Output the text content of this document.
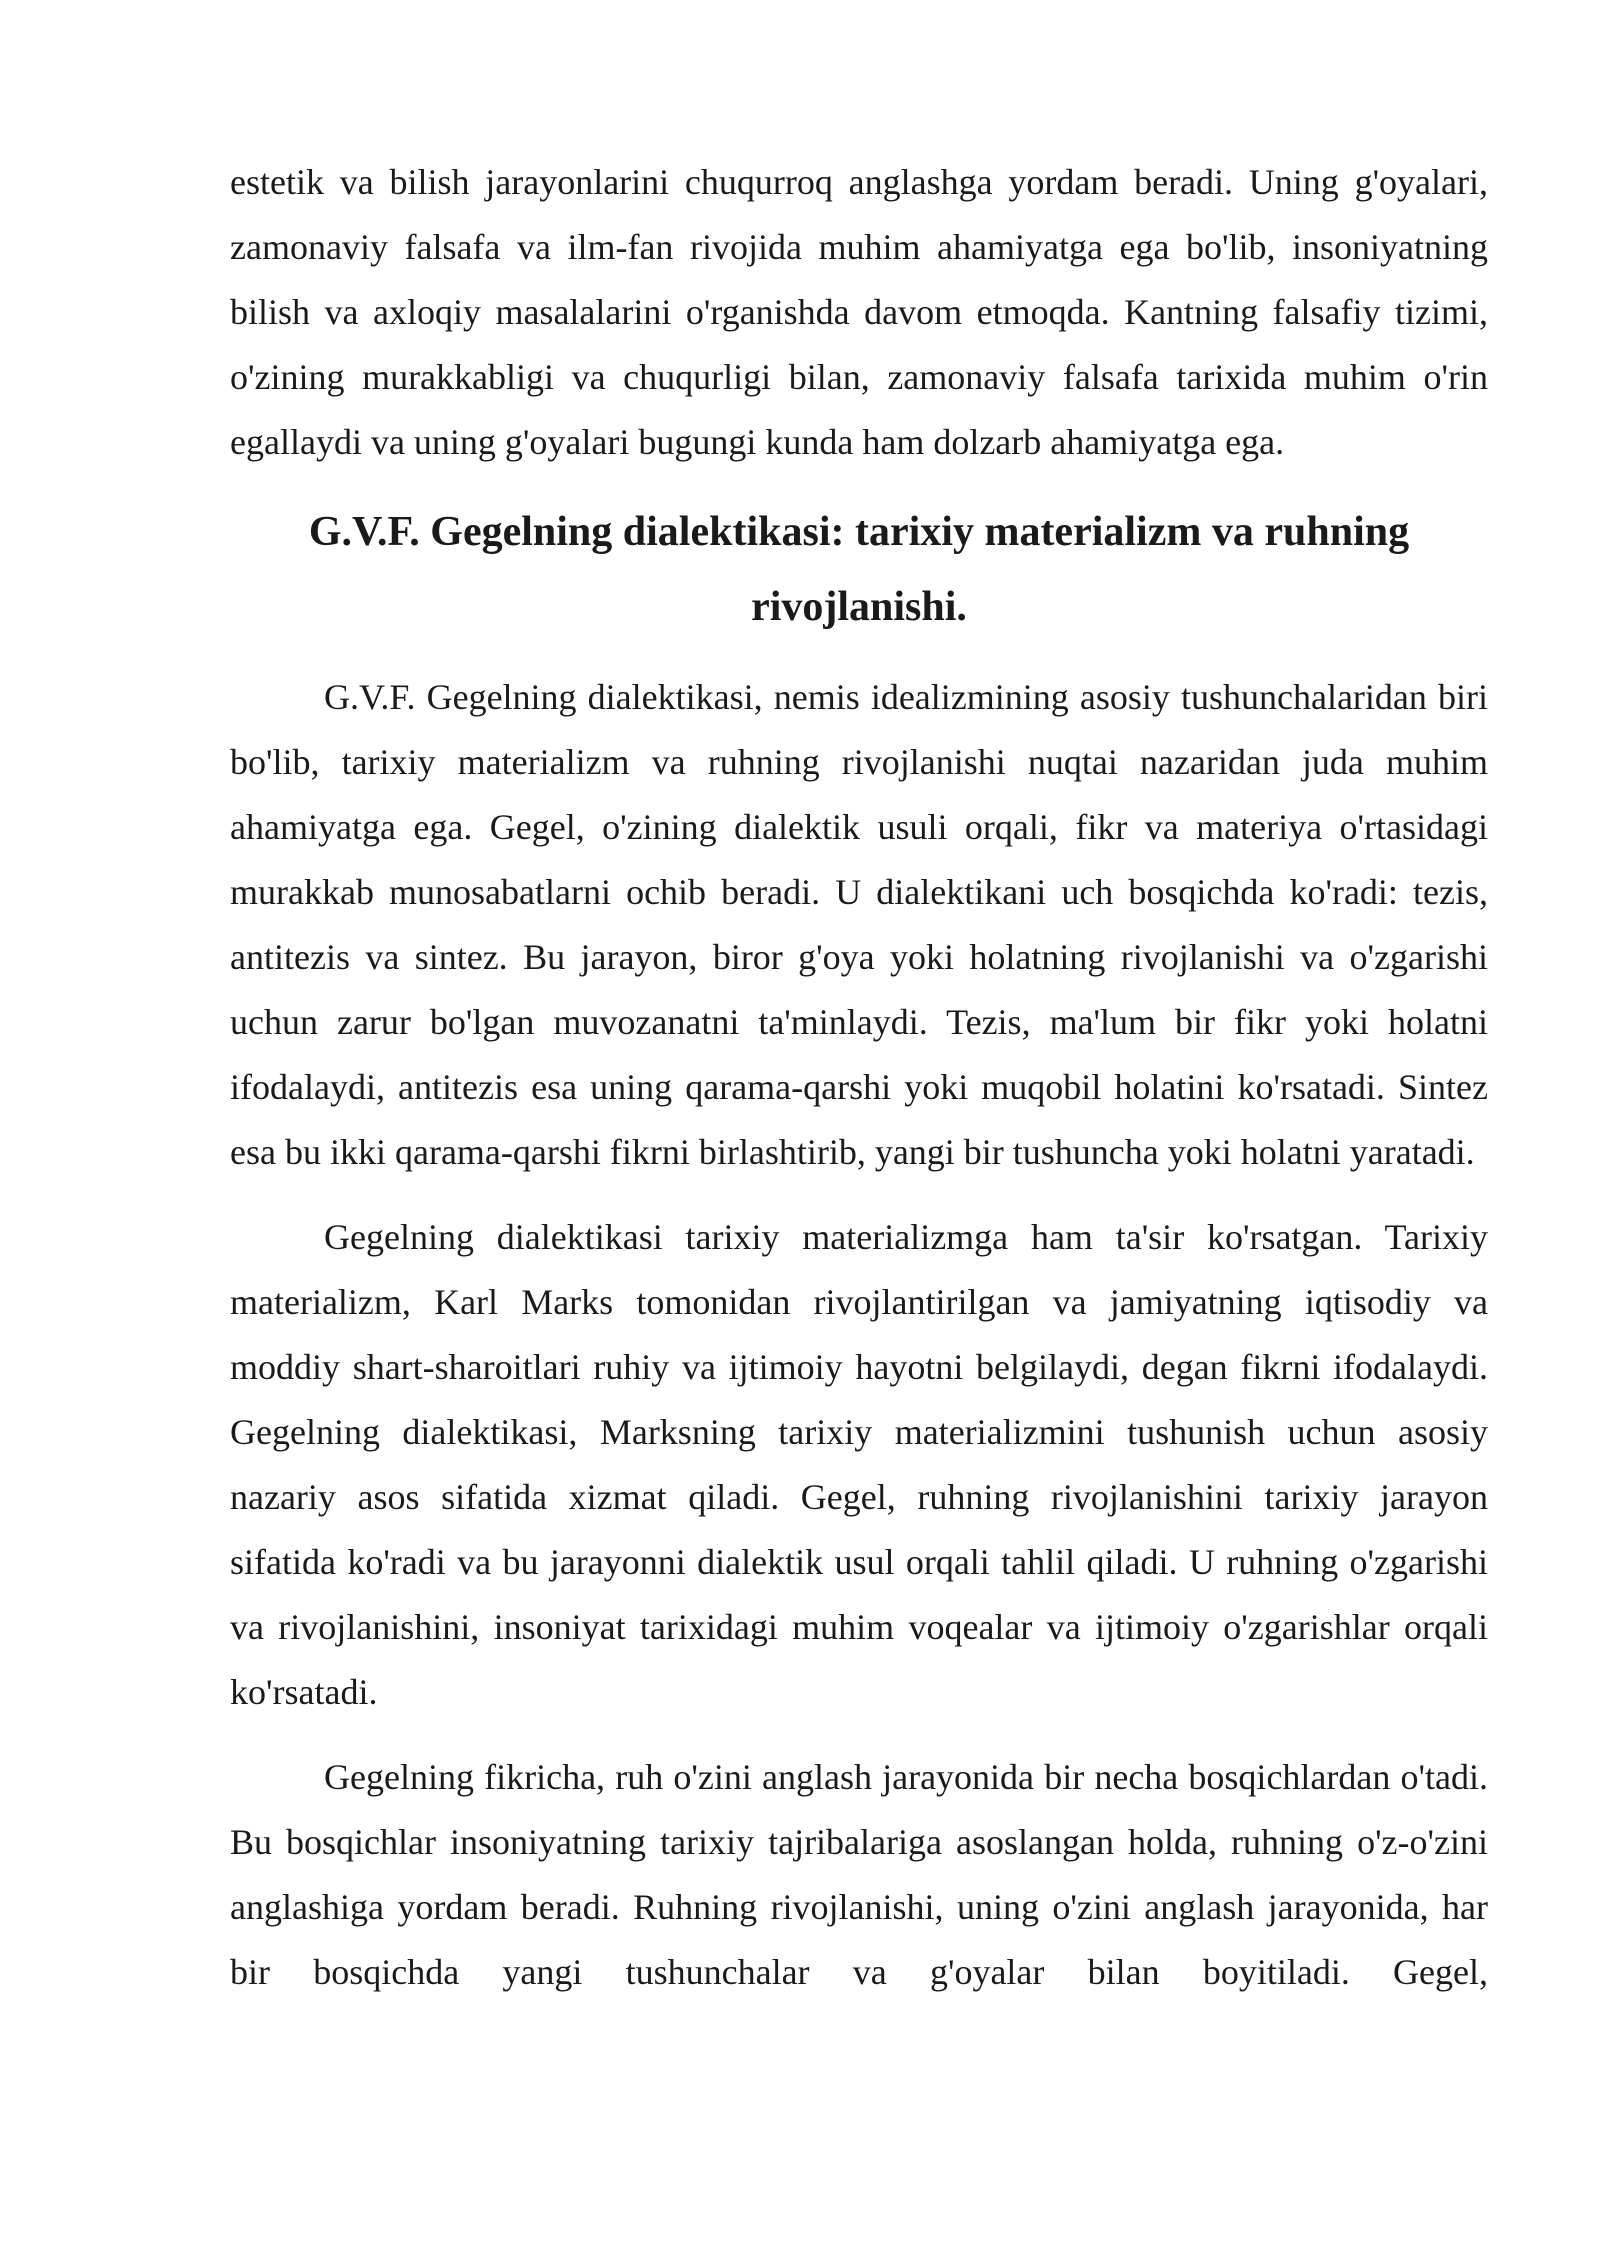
estetik va bilish jarayonlarini chuqurroq anglashga yordam beradi. Uning g'oyalari, zamonaviy falsafa va ilm-fan rivojida muhim ahamiyatga ega bo'lib, insoniyatning bilish va axloqiy masalalarini o'rganishda davom etmoqda. Kantning falsafiy tizimi, o'zining murakkabligi va chuqurligi bilan, zamonaviy falsafa tarixida muhim o'rin egallaydi va uning g'oyalari bugungi kunda ham dolzarb ahamiyatga ega.

G.V.F. Gegelning dialektikasi: tarixiy materializm va ruhning rivojlanishi.

G.V.F. Gegelning dialektikasi, nemis idealizmining asosiy tushunchalaridan biri bo'lib, tarixiy materializm va ruhning rivojlanishi nuqtai nazaridan juda muhim ahamiyatga ega. Gegel, o'zining dialektik usuli orqali, fikr va materiya o'rtasidagi murakkab munosabatlarni ochib beradi. U dialektikani uch bosqichda ko'radi: tezis, antitezis va sintez. Bu jarayon, biror g'oya yoki holatning rivojlanishi va o'zgarishi uchun zarur bo'lgan muvozanatni ta'minlaydi. Tezis, ma'lum bir fikr yoki holatni ifodalaydi, antitezis esa uning qarama-qarshi yoki muqobil holatini ko'rsatadi. Sintez esa bu ikki qarama-qarshi fikrni birlashtirib, yangi bir tushuncha yoki holatni yaratadi.

Gegelning dialektikasi tarixiy materializmga ham ta'sir ko'rsatgan. Tarixiy materializm, Karl Marks tomonidan rivojlantirilgan va jamiyatning iqtisodiy va moddiy shart-sharoitlari ruhiy va ijtimoiy hayotni belgilaydi, degan fikrni ifodalaydi. Gegelning dialektikasi, Marksning tarixiy materializmini tushunish uchun asosiy nazariy asos sifatida xizmat qiladi. Gegel, ruhning rivojlanishini tarixiy jarayon sifatida ko'radi va bu jarayonni dialektik usul orqali tahlil qiladi. U ruhning o'zgarishi va rivojlanishini, insoniyat tarixidagi muhim voqealar va ijtimoiy o'zgarishlar orqali ko'rsatadi.

Gegelning fikricha, ruh o'zini anglash jarayonida bir necha bosqichlardan o'tadi. Bu bosqichlar insoniyatning tarixiy tajribalariga asoslangan holda, ruhning o'z-o'zini anglashiga yordam beradi. Ruhning rivojlanishi, uning o'zini anglash jarayonida, har bir bosqichda yangi tushunchalar va g'oyalar bilan boyitiladi. Gegel,
